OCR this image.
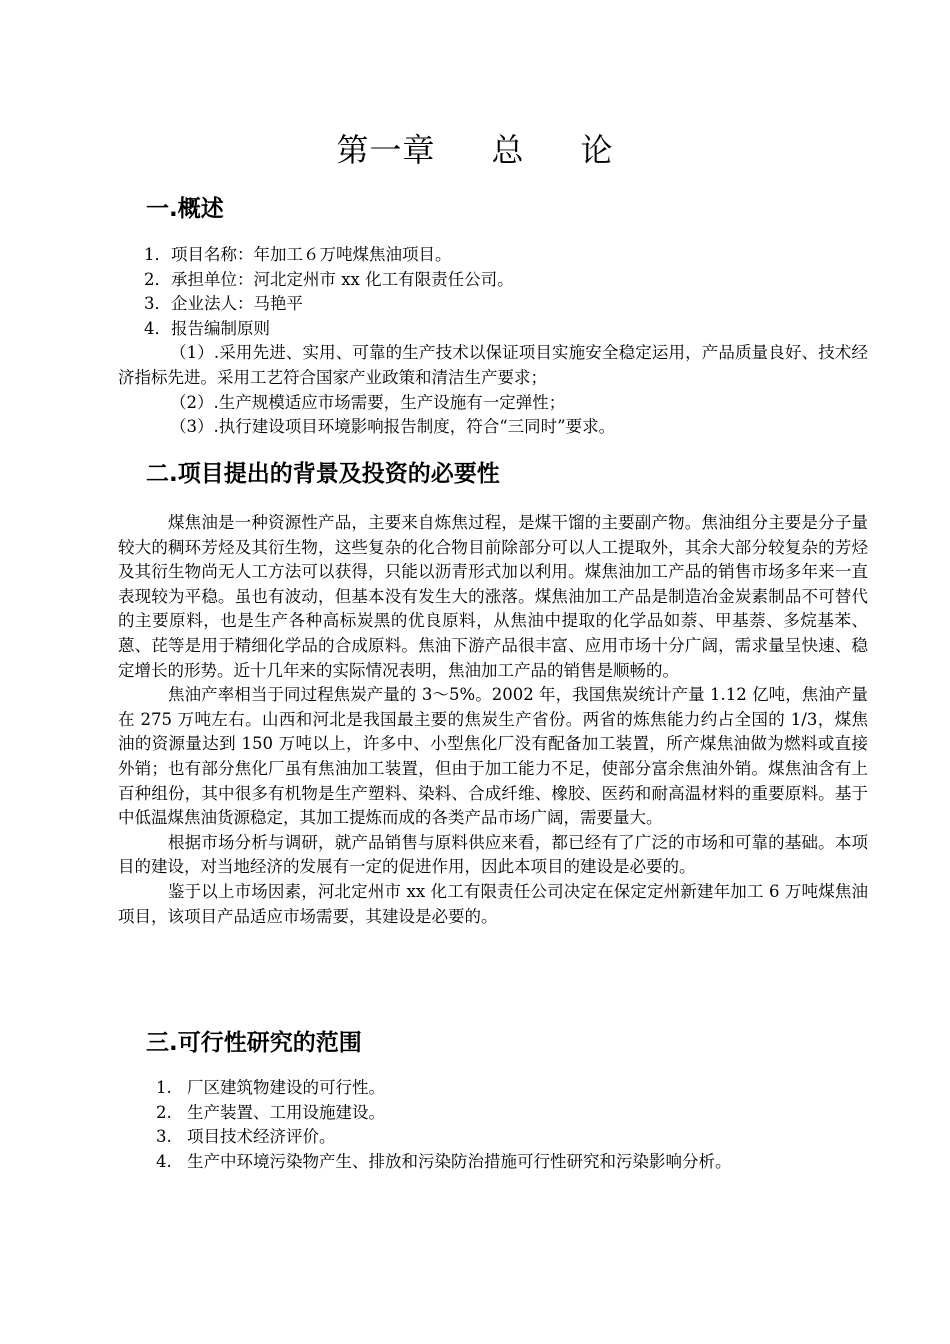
第一章 总 论
一.概述

1．项目名称：年加工６万吨煤焦油项目。

2．承担单位：河北定州市 xx 化工有限责任公司。

3．企业法人：马艳平

4．报告编制原则

（1）.采用先进、实用、可靠的生产技术以保证项目实施安全稳定运用，产品质量良好、技术经济指标先进。采用工艺符合国家产业政策和清洁生产要求；

（2）.生产规模适应市场需要，生产设施有一定弹性；

（3）.执行建设项目环境影响报告制度，符合“三同时”要求。

二.项目提出的背景及投资的必要性

煤焦油是一种资源性产品，主要来自炼焦过程，是煤干馏的主要副产物。焦油组分主要是分子量较大的稠环芳烃及其衍生物，这些复杂的化合物目前除部分可以人工提取外，其余大部分较复杂的芳烃及其衍生物尚无人工方法可以获得，只能以沥青形式加以利用。煤焦油加工产品的销售市场多年来一直表现较为平稳。虽也有波动，但基本没有发生大的涨落。煤焦油加工产品是制造冶金炭素制品不可替代的主要原料，也是生产各种高标炭黑的优良原料，从焦油中提取的化学品如萘、甲基萘、多烷基苯、蒽、芘等是用于精细化学品的合成原料。焦油下游产品很丰富、应用市场十分广阔，需求量呈快速、稳定增长的形势。近十几年来的实际情况表明，焦油加工产品的销售是顺畅的。

焦油产率相当于同过程焦炭产量的 3～5%。2002 年，我国焦炭统计产量 1.12 亿吨，焦油产量在 275 万吨左右。山西和河北是我国最主要的焦炭生产省份。两省的炼焦能力约占全国的 1/3，煤焦油的资源量达到 150 万吨以上，许多中、小型焦化厂没有配备加工装置，所产煤焦油做为燃料或直接外销；也有部分焦化厂虽有焦油加工装置，但由于加工能力不足，使部分富余焦油外销。煤焦油含有上百种组份，其中很多有机物是生产塑料、染料、合成纤维、橡胶、医药和耐高温材料的重要原料。基于中低温煤焦油货源稳定，其加工提炼而成的各类产品市场广阔，需要量大。

根据市场分析与调研，就产品销售与原料供应来看，都已经有了广泛的市场和可靠的基础。本项目的建设，对当地经济的发展有一定的促进作用，因此本项目的建设是必要的。

鉴于以上市场因素，河北定州市 xx 化工有限责任公司决定在保定定州新建年加工 6 万吨煤焦油项目，该项目产品适应市场需要，其建设是必要的。

三.可行性研究的范围
1. 厂区建筑物建设的可行性。
2. 生产装置、工用设施建设。
3. 项目技术经济评价。
4. 生产中环境污染物产生、排放和污染防治措施可行性研究和污染影响分析。
